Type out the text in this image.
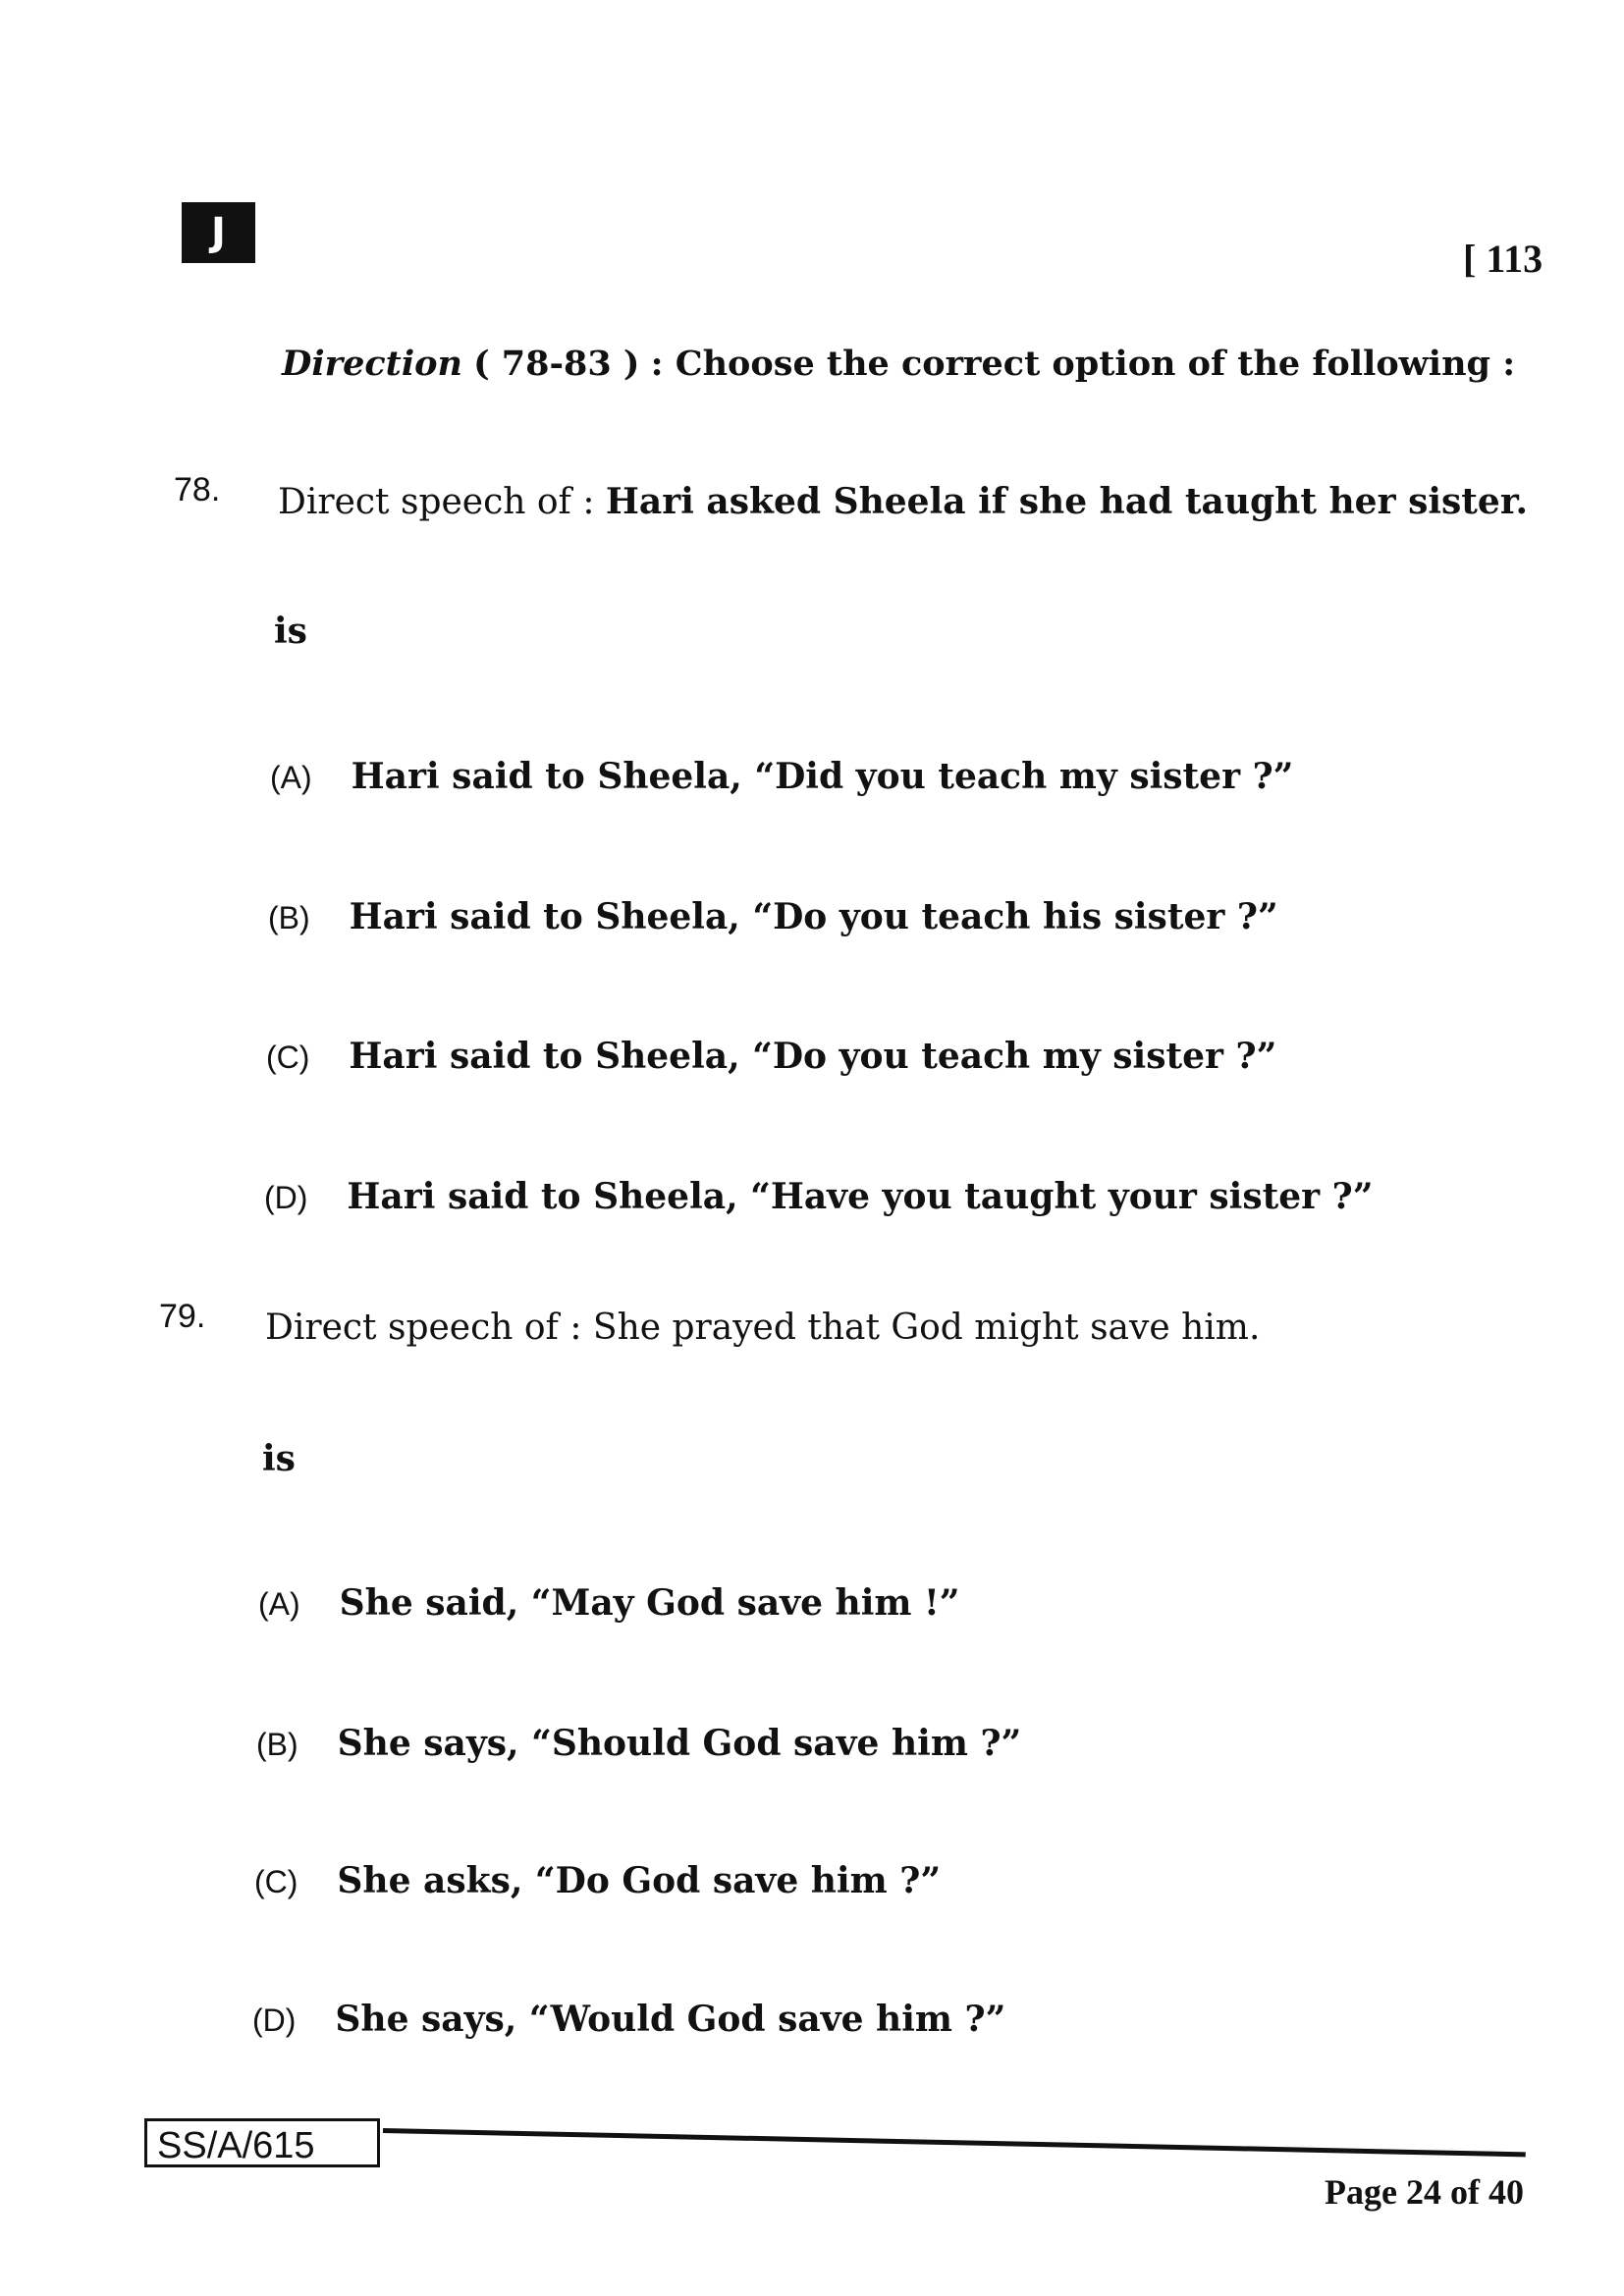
J
[ 113
Direction ( 78-83 ) : Choose the correct option of the following :
78. Direct speech of : Hari asked Sheela if she had taught her sister.
is
(A) Hari said to Sheela, “Did you teach my sister ?”
(B) Hari said to Sheela, “Do you teach his sister ?”
(C) Hari said to Sheela, “Do you teach my sister ?”
(D) Hari said to Sheela, “Have you taught your sister ?”
79. Direct speech of : She prayed that God might save him.
is
(A) She said, “May God save him !”
(B) She says, “Should God save him ?”
(C) She asks, “Do God save him ?”
(D) She says, “Would God save him ?”
SS/A/615
Page 24 of 40
